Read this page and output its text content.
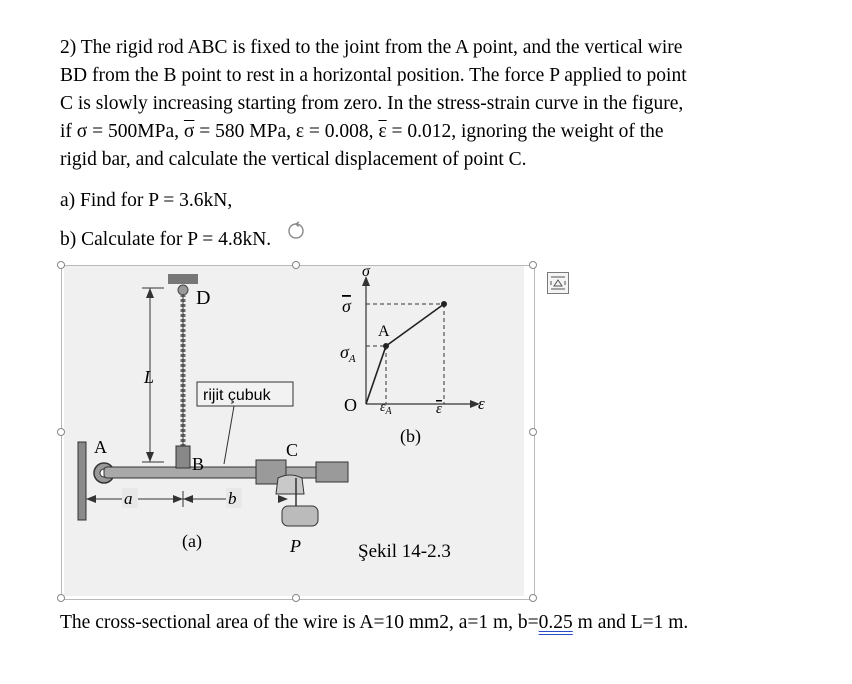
2) The rigid rod ABC is fixed to the joint from the A point, and the vertical wire
BD from the B point to rest in a horizontal position. The force P applied to point
C is slowly increasing starting from zero. In the stress-strain curve in the figure,
if σ = 500MPa, $\overline{\sigma} = 580$ MPa, ε = 0.008, $\overline{\varepsilon} = 0.012$, ignoring the weight of the
rigid bar, and calculate the vertical displacement of point C.
a) Find for P = 3.6kN,
b) Calculate for P = 4.8kN.
D
L
rijit çubuk
A
B
C
P
a	b
(a)
σ
σ
$\sigma_A$
A
O $\varepsilon_A$	ε ε
(b)
Şekil 14-2.3
The cross-sectional area of the wire is A=10 mm2, a=1 m, b=0.25 m and L=1 m.
